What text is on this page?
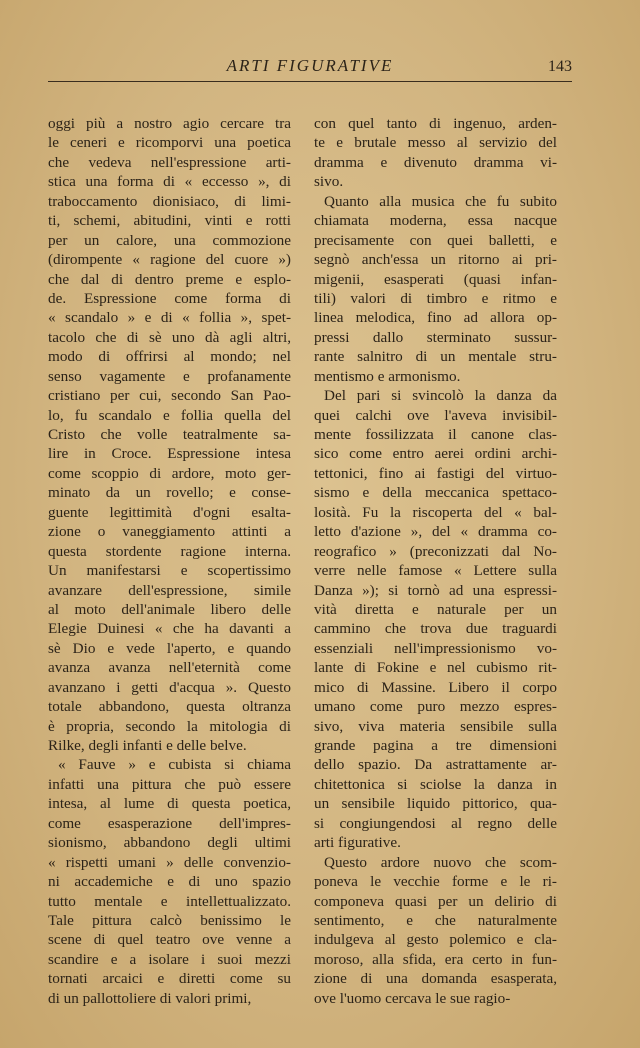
ARTI FIGURATIVE	143
oggi più a nostro agio cercare tra
le ceneri e ricomporvi una poetica
che vedeva nell'espressione arti-
stica una forma di « eccesso », di
traboccamento dionisiaco, di limi-
ti, schemi, abitudini, vinti e rotti
per un calore, una commozione
(dirompente « ragione del cuore »)
che dal di dentro preme e esplo-
de. Espressione come forma di
« scandalo » e di « follia », spet-
tacolo che di sè uno dà agli altri,
modo di offrirsi al mondo; nel
senso vagamente e profanamente
cristiano per cui, secondo San Pao-
lo, fu scandalo e follia quella del
Cristo che volle teatralmente sa-
lire in Croce. Espressione intesa
come scoppio di ardore, moto ger-
minato da un rovello; e conse-
guente legittimità d'ogni esalta-
zione o vaneggiamento attinti a
questa stordente ragione interna.
Un manifestarsi e scopertissimo
avanzare dell'espressione, simile
al moto dell'animale libero delle
Elegie Duinesi « che ha davanti a
sè Dio e vede l'aperto, e quando
avanza avanza nell'eternità come
avanzano i getti d'acqua ». Questo
totale abbandono, questa oltranza
è propria, secondo la mitologia di
Rilke, degli infanti e delle belve.
« Fauve » e cubista si chiama
infatti una pittura che può essere
intesa, al lume di questa poetica,
come esasperazione dell'impres-
sionismo, abbandono degli ultimi
« rispetti umani » delle convenzio-
ni accademiche e di uno spazio
tutto mentale e intellettualizzato.
Tale pittura calcò benissimo le
scene di quel teatro ove venne a
scandire e a isolare i suoi mezzi
tornati arcaici e diretti come su
di un pallottoliere di valori primi,
con quel tanto di ingenuo, arden-
te e brutale messo al servizio del
dramma e divenuto dramma vi-
sivo.
Quanto alla musica che fu subito
chiamata moderna, essa nacque
precisamente con quei balletti, e
segnò anch'essa un ritorno ai pri-
migenii, esasperati (quasi infan-
tili) valori di timbro e ritmo e
linea melodica, fino ad allora op-
pressi dallo sterminato sussur-
rante salnitro di un mentale stru-
mentismo e armonismo.
Del pari si svincolò la danza da
quei calchi ove l'aveva invisibil-
mente fossilizzata il canone clas-
sico come entro aerei ordini archi-
tettonici, fino ai fastigi del virtuo-
sismo e della meccanica spettaco-
losità. Fu la riscoperta del « bal-
letto d'azione », del « dramma co-
reografico » (preconizzati dal No-
verre nelle famose « Lettere sulla
Danza »); si tornò ad una espressi-
vità diretta e naturale per un
cammino che trova due traguardi
essenziali nell'impressionismo vo-
lante di Fokine e nel cubismo rit-
mico di Massine. Libero il corpo
umano come puro mezzo espres-
sivo, viva materia sensibile sulla
grande pagina a tre dimensioni
dello spazio. Da astrattamente ar-
chitettonica si sciolse la danza in
un sensibile liquido pittorico, qua-
si congiungendosi al regno delle
arti figurative.
Questo ardore nuovo che scom-
poneva le vecchie forme e le ri-
componeva quasi per un delirio di
sentimento, e che naturalmente
indulgeva al gesto polemico e cla-
moroso, alla sfida, era certo in fun-
zione di una domanda esasperata,
ove l'uomo cercava le sue ragio-
